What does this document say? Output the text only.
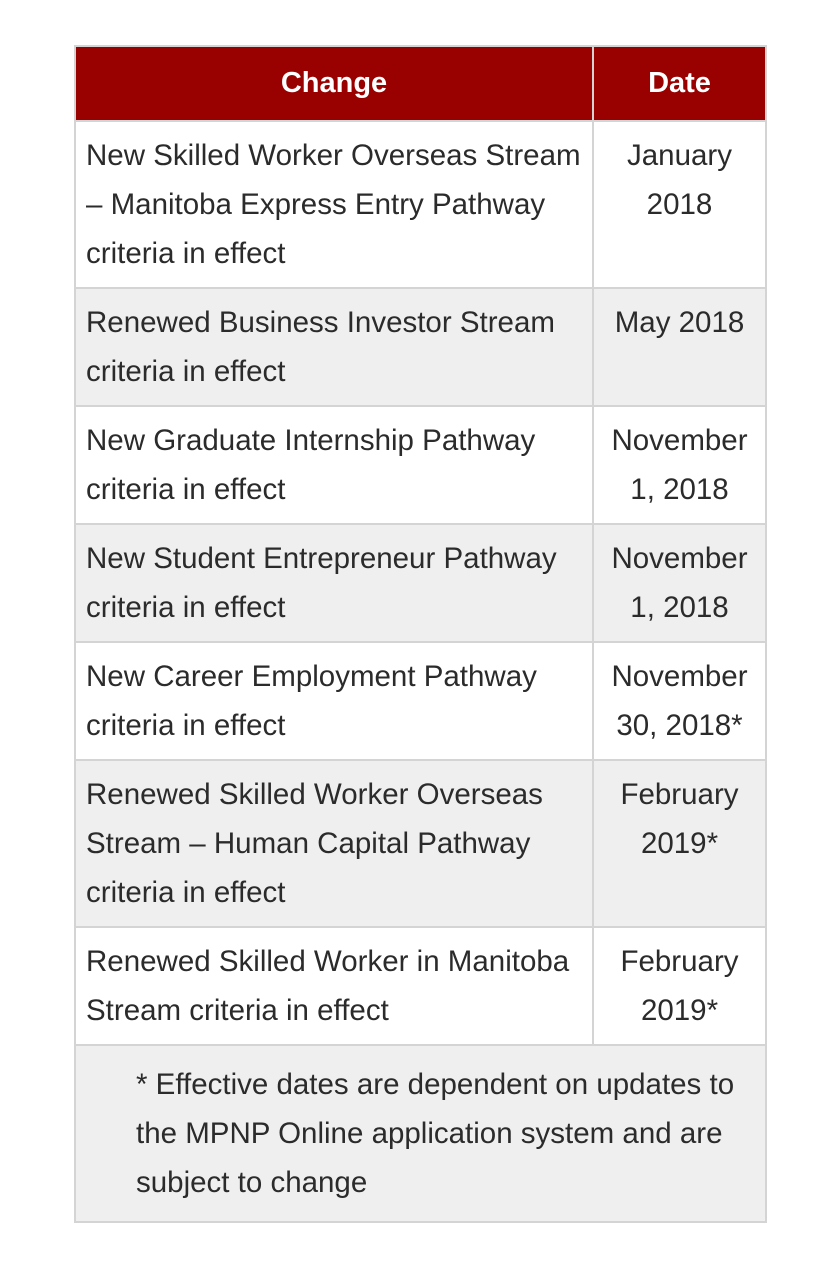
Change	Date
New Skilled Worker Overseas Stream – Manitoba Express Entry Pathway criteria in effect	January
2018

Renewed Business Investor Stream criteria in effect	May 2018

New Graduate Internship Pathway criteria in effect	November
1, 2018

New Student Entrepreneur Pathway criteria in effect	November
1, 2018

New Career Employment Pathway criteria in effect	November
30, 2018*

Renewed Skilled Worker Overseas Stream – Human Capital Pathway criteria in effect	February
2019*

Renewed Skilled Worker in Manitoba Stream criteria in effect	February
2019*

* Effective dates are dependent on updates to the MPNP Online application system and are subject to change	
